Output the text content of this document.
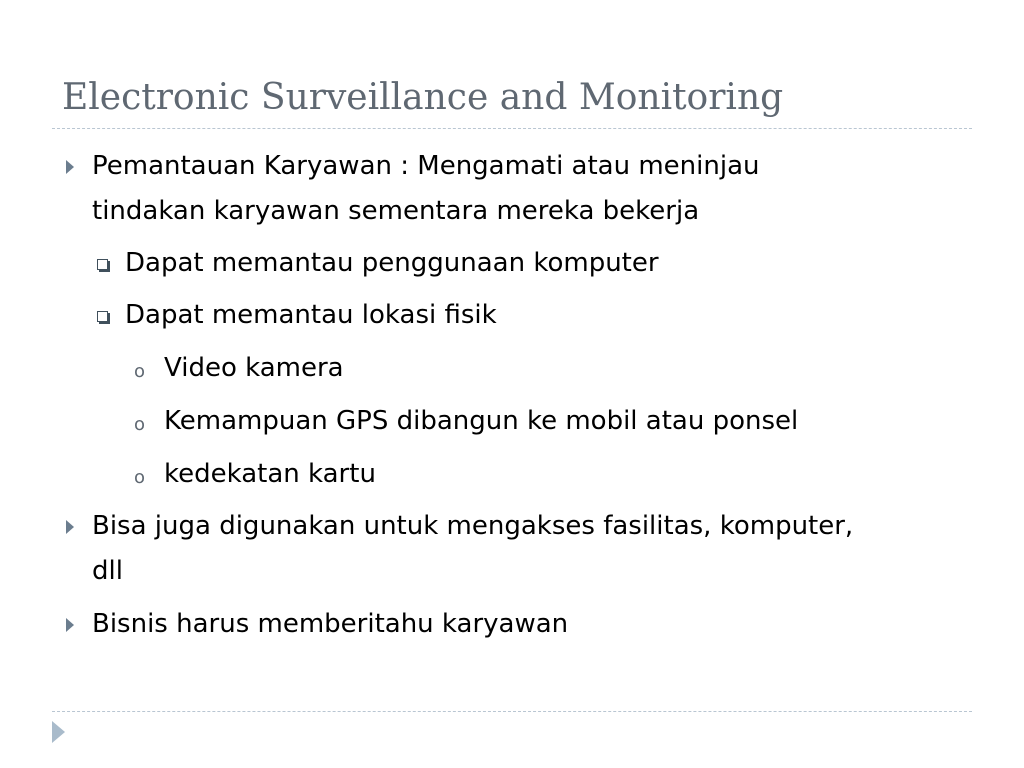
Electronic Surveillance and Monitoring

Pemantauan Karyawan : Mengamati atau meninjau

tindakan karyawan sementara mereka bekerja

Dapat memantau penggunaan komputer

Dapat memantau lokasi fisik

o Video kamera

o Kemampuan GPS dibangun ke mobil atau ponsel

o kedekatan kartu

Bisa juga digunakan untuk mengakses fasilitas, komputer,

dll

Bisnis harus memberitahu karyawan
